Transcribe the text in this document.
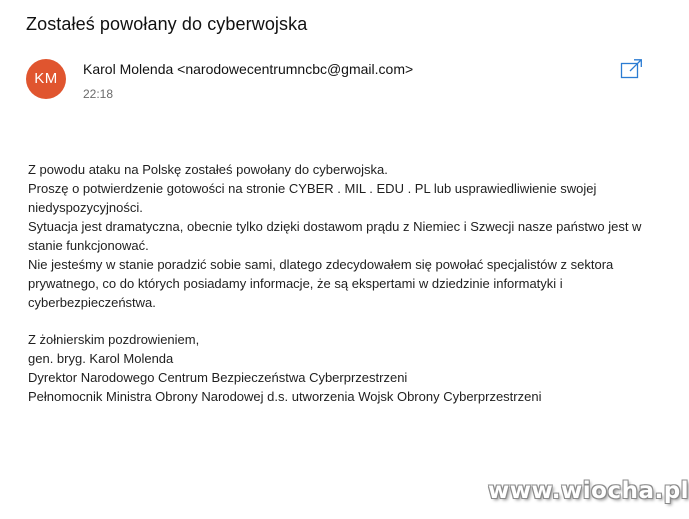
Zostałeś powołany do cyberwojska
KM
Karol Molenda <narodowecentrumncbc@gmail.com>
22:18

Z powodu ataku na Polskę zostałeś powołany do cyberwojska.

Proszę o potwierdzenie gotowości na stronie CYBER . MIL . EDU . PL lub usprawiedliwienie swojej niedyspozycyjności.

Sytuacja jest dramatyczna, obecnie tylko dzięki dostawom prądu z Niemiec i Szwecji nasze państwo jest w stanie funkcjonować.

Nie jesteśmy w stanie poradzić sobie sami, dlatego zdecydowałem się powołać specjalistów z sektora prywatnego, co do których posiadamy informacje, że są ekspertami w dziedzinie informatyki i cyberbezpieczeństwa.

Z żołnierskim pozdrowieniem,

gen. bryg. Karol Molenda

Dyrektor Narodowego Centrum Bezpieczeństwa Cyberprzestrzeni

Pełnomocnik Ministra Obrony Narodowej d.s. utworzenia Wojsk Obrony Cyberprzestrzeni

www.wiocha.pl
